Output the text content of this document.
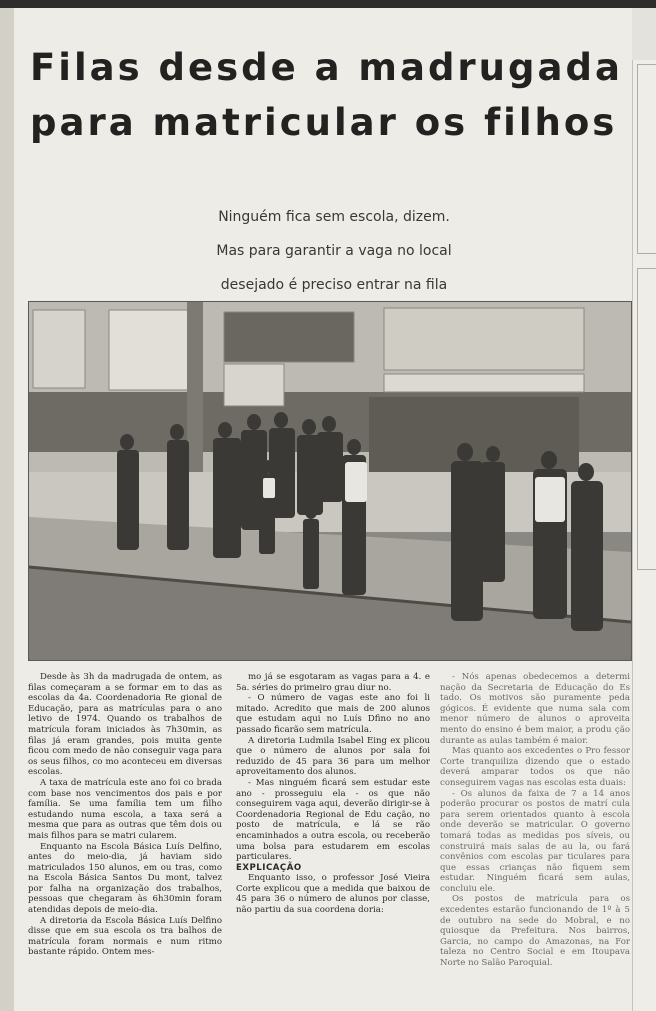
Filas desde a madrugada
para matricular os filhos
Ninguém fica sem escola, dizem.
Mas para garantir a vaga no local
desejado é preciso entrar na fila

Desde às 3h da madrugada de ontem, as filas começaram a se formar em to das as escolas da 4a. Coordenadoria Re gional de Educação, para as matrículas para o ano letivo de 1974. Quando os trabalhos de matrícula foram iniciados às 7h30min, as filas já eram grandes, pois muita gente ficou com medo de não conseguir vaga para os seus filhos, co mo aconteceu em diversas escolas.

A taxa de matrícula este ano foi co brada com base nos vencimentos dos pais e por família. Se uma família tem um filho estudando numa escola, a taxa será a mesma que para as outras que têm dois ou mais filhos para se matri cularem.

Enquanto na Escola Básica Luís Delfino, antes do meio-dia, já haviam sido matriculados 150 alunos, em ou tras, como na Escola Básica Santos Du mont, talvez por falha na organização dos trabalhos, pessoas que chegaram às 6h30min foram atendidas depois de meio-dia.

A diretoria da Escola Básica Luís Delfino disse que em sua escola os tra balhos de matrícula foram normais e num ritmo bastante rápido. Ontem mes-

mo já se esgotaram as vagas para a 4. e 5a. séries do primeiro grau diur no.

- O número de vagas este ano foi li mitado. Acredito que mais de 200 alunos que estudam aqui no Luís Dfino no ano passado ficarão sem matrícula.

A diretoria Ludmila Isabel Eing ex plicou que o número de alunos por sala foi reduzido de 45 para 36 para um melhor aproveitamento dos alunos.

- Mas ninguém ficará sem estudar este ano - prosseguiu ela - os que não conseguirem vaga aqui, deverão dirigir-se à Coordenadoria Regional de Edu cação, no posto de matrícula, e lá se rão encaminhados a outra escola, ou receberão uma bolsa para estudarem em escolas particulares.

EXPLICAÇÃO

Enquanto isso, o professor José Vieira Corte explicou que a medida que baixou de 45 para 36 o número de alunos por classe, não partiu da sua coordena doria:

- Nós apenas obedecemos a determi nação da Secretaria de Educação do Es tado. Os motivos são puramente peda gógicos. É evidente que numa sala com menor número de alunos o aproveita mento do ensino é bem maior, a produ ção durante as aulas também é maior.

Mas quanto aos excedentes o Pro fessor Corte tranquiliza dizendo que o estado deverá amparar todos os que não conseguirem vagas nas escolas esta duais:

- Os alunos da faixa de 7 a 14 anos poderão procurar os postos de matrí cula para serem orientados quanto à escola onde deverão se matricular. O governo tomará todas as medidas pos síveis, ou construirá mais salas de au la, ou fará convênios com escolas par ticulares para que essas crianças não fiquem sem estudar. Ninguém ficará sem aulas, concluiu ele.

Os postos de matrícula para os excedentes estarão funcionando de 1º à 5 de outubro na sede do Mobral, e no quiosque da Prefeitura. Nos bairros, Garcia, no campo do Amazonas, na For taleza no Centro Social e em Itoupava Norte no Salão Paroquial.
